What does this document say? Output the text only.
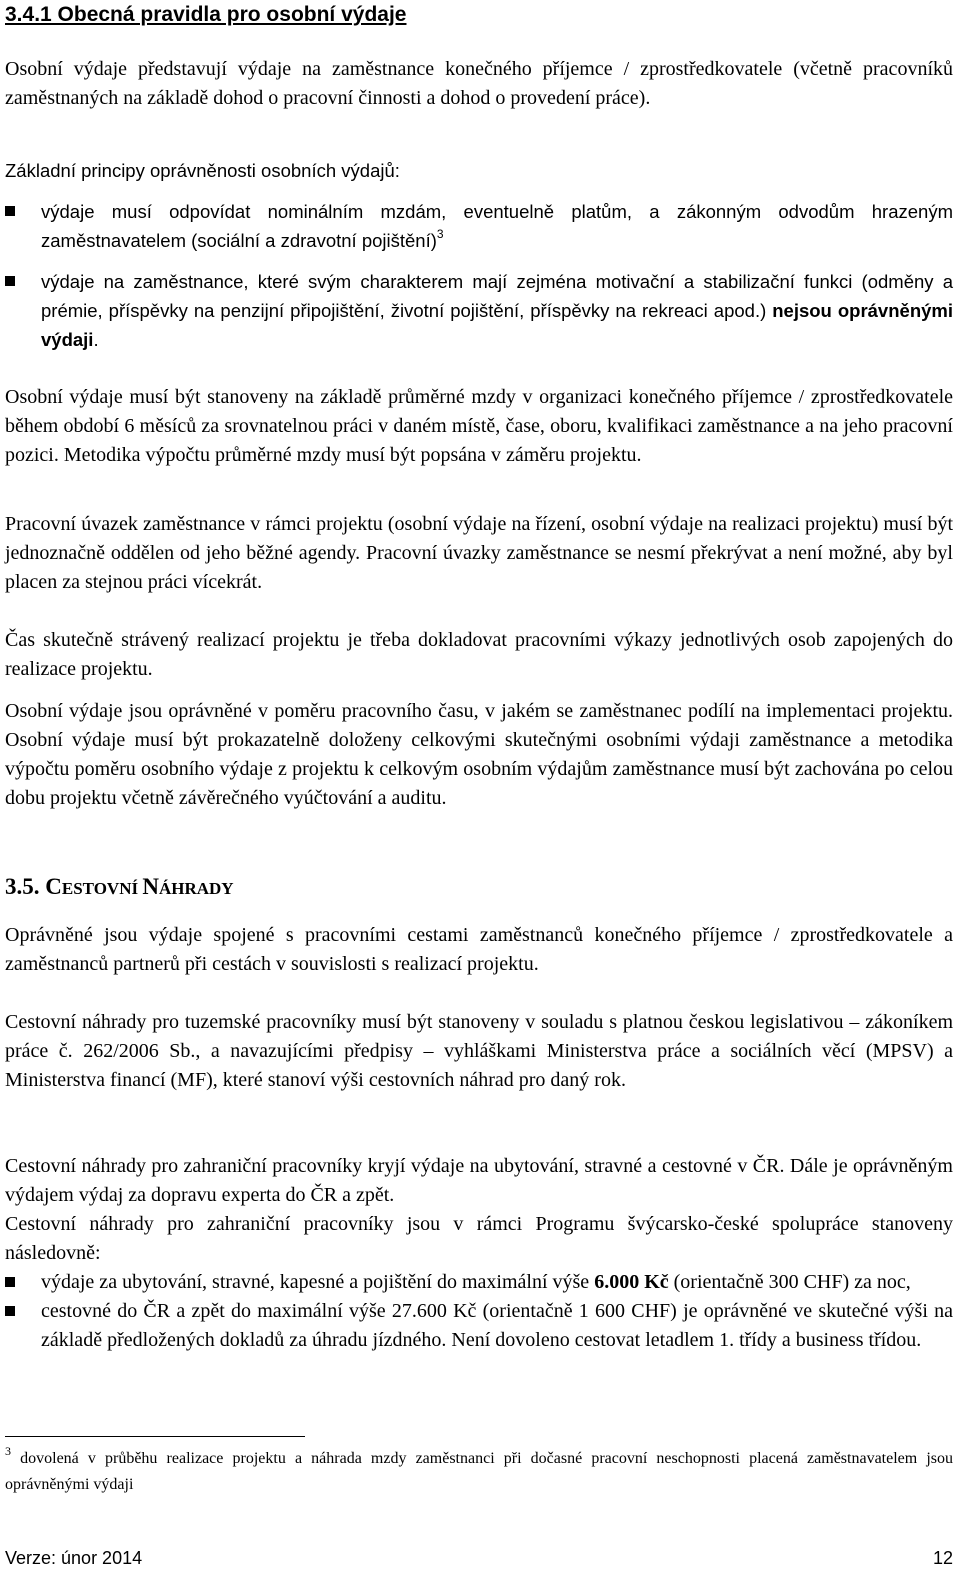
3.4.1 Obecná pravidla pro osobní výdaje

Osobní výdaje představují výdaje na zaměstnance konečného příjemce / zprostředkovatele (včetně pracovníků zaměstnaných na základě dohod o pracovní činnosti a dohod o provedení práce).

Základní principy oprávněnosti osobních výdajů:

výdaje musí odpovídat nominálním mzdám, eventuelně platům, a zákonným odvodům hrazeným zaměstnavatelem (sociální a zdravotní pojištění)$^3$
výdaje na zaměstnance, které svým charakterem mají zejména motivační a stabilizační funkci (odměny a prémie, příspěvky na penzijní připojištění, životní pojištění, příspěvky na rekreaci apod.) nejsou oprávněnými výdaji.

Osobní výdaje musí být stanoveny na základě průměrné mzdy v organizaci konečného příjemce / zprostředkovatele během období 6 měsíců za srovnatelnou práci v daném místě, čase, oboru, kvalifikaci zaměstnance a na jeho pracovní pozici. Metodika výpočtu průměrné mzdy musí být popsána v záměru projektu.

Pracovní úvazek zaměstnance v rámci projektu (osobní výdaje na řízení, osobní výdaje na realizaci projektu) musí být jednoznačně oddělen od jeho běžné agendy. Pracovní úvazky zaměstnance se nesmí překrývat a není možné, aby byl placen za stejnou práci vícekrát.

Čas skutečně strávený realizací projektu je třeba dokladovat pracovními výkazy jednotlivých osob zapojených do realizace projektu.

Osobní výdaje jsou oprávněné v poměru pracovního času, v jakém se zaměstnanec podílí na implementaci projektu. Osobní výdaje musí být prokazatelně doloženy celkovými skutečnými osobními výdaji zaměstnance a metodika výpočtu poměru osobního výdaje z projektu k celkovým osobním výdajům zaměstnance musí být zachována po celou dobu projektu včetně závěrečného vyúčtování a auditu.

3.5. CESTOVNÍ NÁHRADY

Oprávněné jsou výdaje spojené s pracovními cestami zaměstnanců konečného příjemce / zprostředkovatele a zaměstnanců partnerů při cestách v souvislosti s realizací projektu.

Cestovní náhrady pro tuzemské pracovníky musí být stanoveny v souladu s platnou českou legislativou – zákoníkem práce č. 262/2006 Sb., a navazujícími předpisy – vyhláškami Ministerstva práce a sociálních věcí (MPSV) a Ministerstva financí (MF), které stanoví výši cestovních náhrad pro daný rok.

Cestovní náhrady pro zahraniční pracovníky kryjí výdaje na ubytování, stravné a cestovné v ČR. Dále je oprávněným výdajem výdaj za dopravu experta do ČR a zpět.

Cestovní náhrady pro zahraniční pracovníky jsou v rámci Programu švýcarsko-české spolupráce stanoveny následovně:

výdaje za ubytování, stravné, kapesné a pojištění do maximální výše 6.000 Kč (orientačně 300 CHF) za noc,
cestovné do ČR a zpět do maximální výše 27.600 Kč (orientačně 1 600 CHF) je oprávněné ve skutečné výši na základě předložených dokladů za úhradu jízdného. Není dovoleno cestovat letadlem 1. třídy a business třídou.

$^3$ dovolená v průběhu realizace projektu a náhrada mzdy zaměstnanci při dočasné pracovní neschopnosti placená zaměstnavatelem jsou oprávněnými výdaji

Verze: únor 2014	12
